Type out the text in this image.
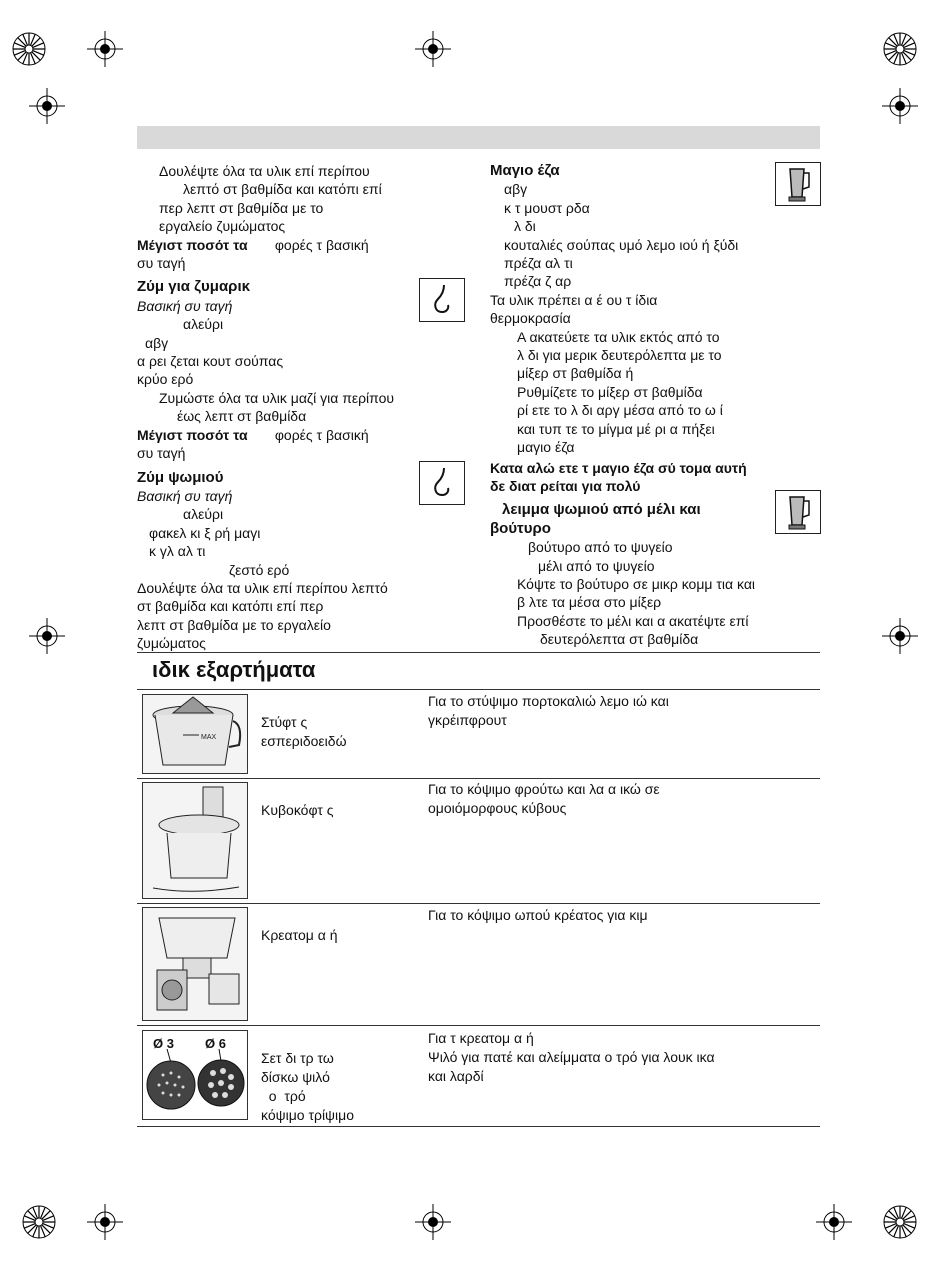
Δουλέψτε όλα τα υλικ επί περίπου
λεπτό στ βαθμίδα και κατόπι επί
περ λεπτ στ βαθμίδα με το
εργαλείο ζυμώματος
Μέγιστ ποσότ τα φορές τ βασική
συ ταγή
Ζύμ για ζυμαρικ
Βασική συ ταγή
αλεύρι
αβγ
α ρει ζεται κουτ σούπας
κρύο ερό
Ζυμώστε όλα τα υλικ μαζί για περίπου
έως λεπτ στ βαθμίδα
Μέγιστ ποσότ τα φορές τ βασική
συ ταγή
Ζύμ ψωμιού
Βασική συ ταγή
αλεύρι
φακελ κι ξ ρή μαγι
κ γλ αλ τι
ζεστό ερό
Δουλέψτε όλα τα υλικ επί περίπου λεπτό
στ βαθμίδα και κατόπι επί περ
λεπτ στ βαθμίδα με το εργαλείο
ζυμώματος
Μαγιο έζα
αβγ
κ τ μουστ ρδα
λ δι
κουταλιές σούπας υμό λεμο ιού ή ξύδι
πρέζα αλ τι
πρέζα ζ αρ
Τα υλικ πρέπει α έ ου τ ίδια
θερμοκρασία
Α ακατεύετε τα υλικ εκτός από το
λ δι για μερικ δευτερόλεπτα με το
μίξερ στ βαθμίδα ή
Ρυθμίζετε το μίξερ στ βαθμίδα
ρί ετε το λ δι αργ μέσα από το ω ί
και τυπ τε το μίγμα μέ ρι α πήξει
μαγιο έζα
Κατα αλώ ετε τ μαγιο έζα σύ τομα αυτή
δε διατ ρείται για πολύ
λειμμα ψωμιού από μέλι και
βούτυρο
βούτυρο από το ψυγείο
μέλι από το ψυγείο
Κόψτε το βούτυρο σε μικρ κομμ τια και
β λτε τα μέσα στο μίξερ
Προσθέστε το μέλι και α ακατέψτε επί
δευτερόλεπτα στ βαθμίδα
ιδικ εξαρτήματα
MAX
Στύφτ ς
εσπεριδοειδώ
Για το στύψιμο πορτοκαλιώ λεμο ιώ και
γκρέιπφρουτ
Κυβοκόφτ ς
Για το κόψιμο φρούτω και λα α ικώ σε
ομοιόμορφους κύβους
Κρεατομ α ή
Για το κόψιμο ωπού κρέατος για κιμ
Ø 3 Ø 6
Σετ δι τρ τω
δίσκω ψιλό
ο  τρό
κόψιμο τρίψιμο
Για τ κρεατομ α ή
Ψιλό για πατέ και αλείμματα ο τρό για λουκ ικα
και λαρδί
